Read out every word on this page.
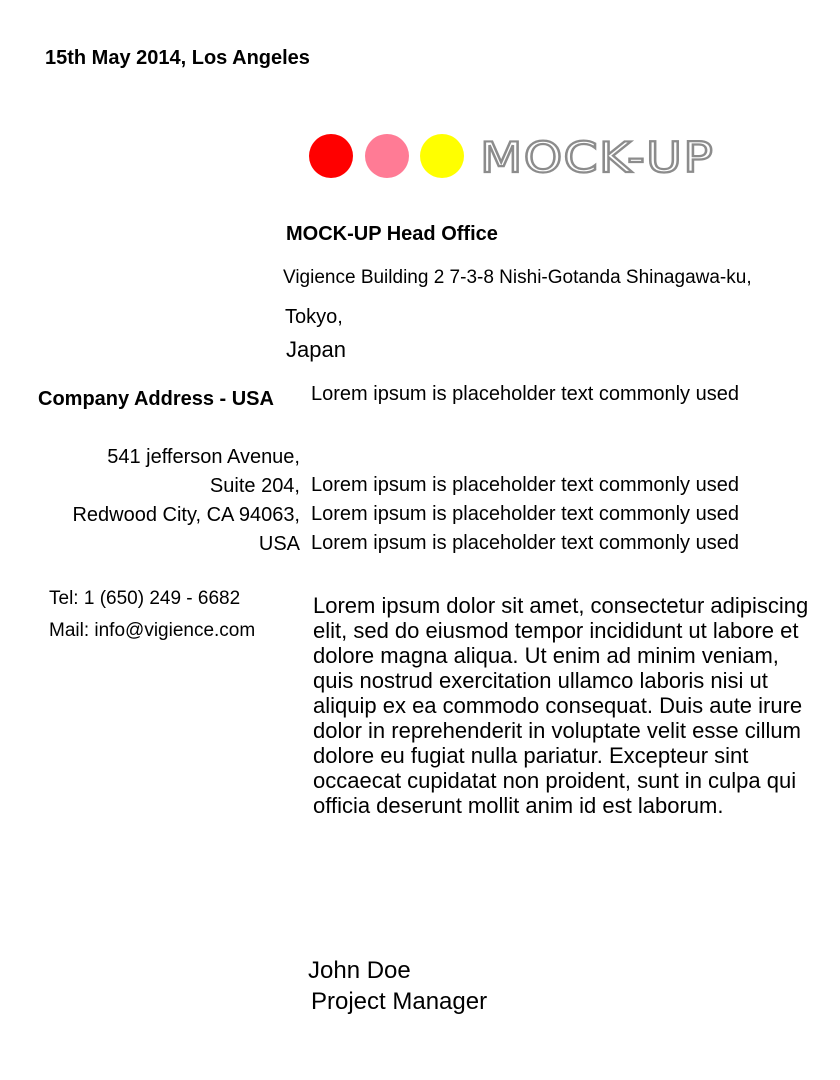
15th May 2014, Los Angeles
MOCK-UP
MOCK-UP Head Office
Vigience Building 2 7-3-8 Nishi-Gotanda Shinagawa-ku,
Tokyo,
Japan
Company Address - USA Lorem ipsum is placeholder text commonly used
541 jefferson Avenue,
Suite 204,
Redwood City, CA 94063,
USA
Lorem ipsum is placeholder text commonly used
Lorem ipsum is placeholder text commonly used
Lorem ipsum is placeholder text commonly used
Tel: 1 (650) 249 - 6682
Mail: info@vigience.com
Lorem ipsum dolor sit amet, consectetur adipiscing elit, sed do eiusmod tempor incididunt ut labore et dolore magna aliqua. Ut enim ad minim veniam, quis nostrud exercitation ullamco laboris nisi ut aliquip ex ea commodo consequat. Duis aute irure dolor in reprehenderit in voluptate velit esse cillum dolore eu fugiat nulla pariatur. Excepteur sint occaecat cupidatat non proident, sunt in culpa qui officia deserunt mollit anim id est laborum.
John Doe
Project Manager
